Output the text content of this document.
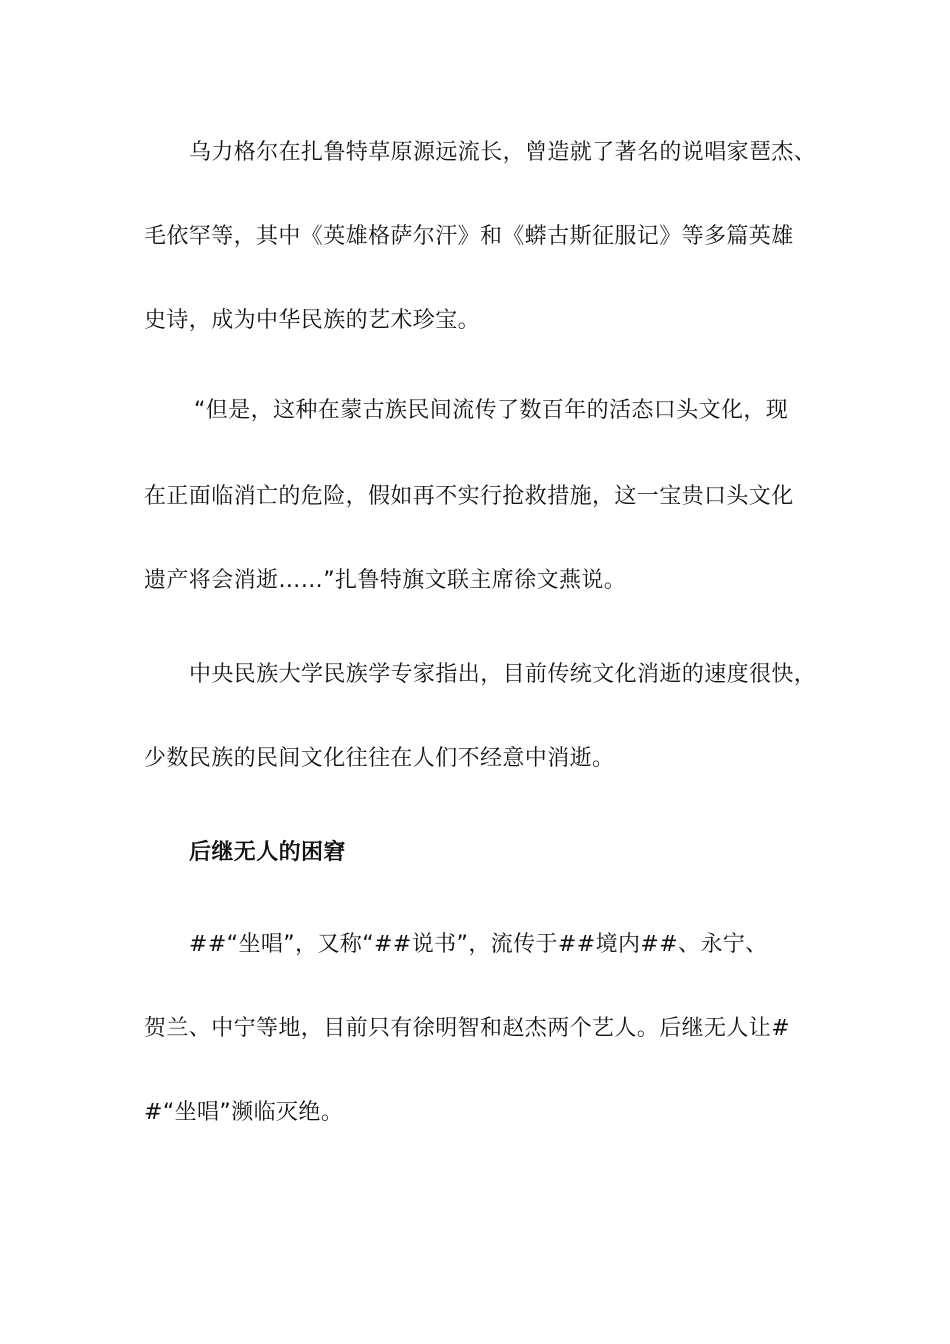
乌力格尔在扎鲁特草原源远流长，曾造就了著名的说唱家琶杰、
毛依罕等，其中《英雄格萨尔汗》和《蟒古斯征服记》等多篇英雄
史诗，成为中华民族的艺术珍宝。
“但是，这种在蒙古族民间流传了数百年的活态口头文化，现
在正面临消亡的危险，假如再不实行抢救措施，这一宝贵口头文化
遗产将会消逝……”扎鲁特旗文联主席徐文燕说。
中央民族大学民族学专家指出，目前传统文化消逝的速度很快，
少数民族的民间文化往往在人们不经意中消逝。
后继无人的困窘
##“坐唱”，又称“##说书”，流传于##境内##、永宁、
贺兰、中宁等地，目前只有徐明智和赵杰两个艺人。后继无人让#
#“坐唱”濒临灭绝。
